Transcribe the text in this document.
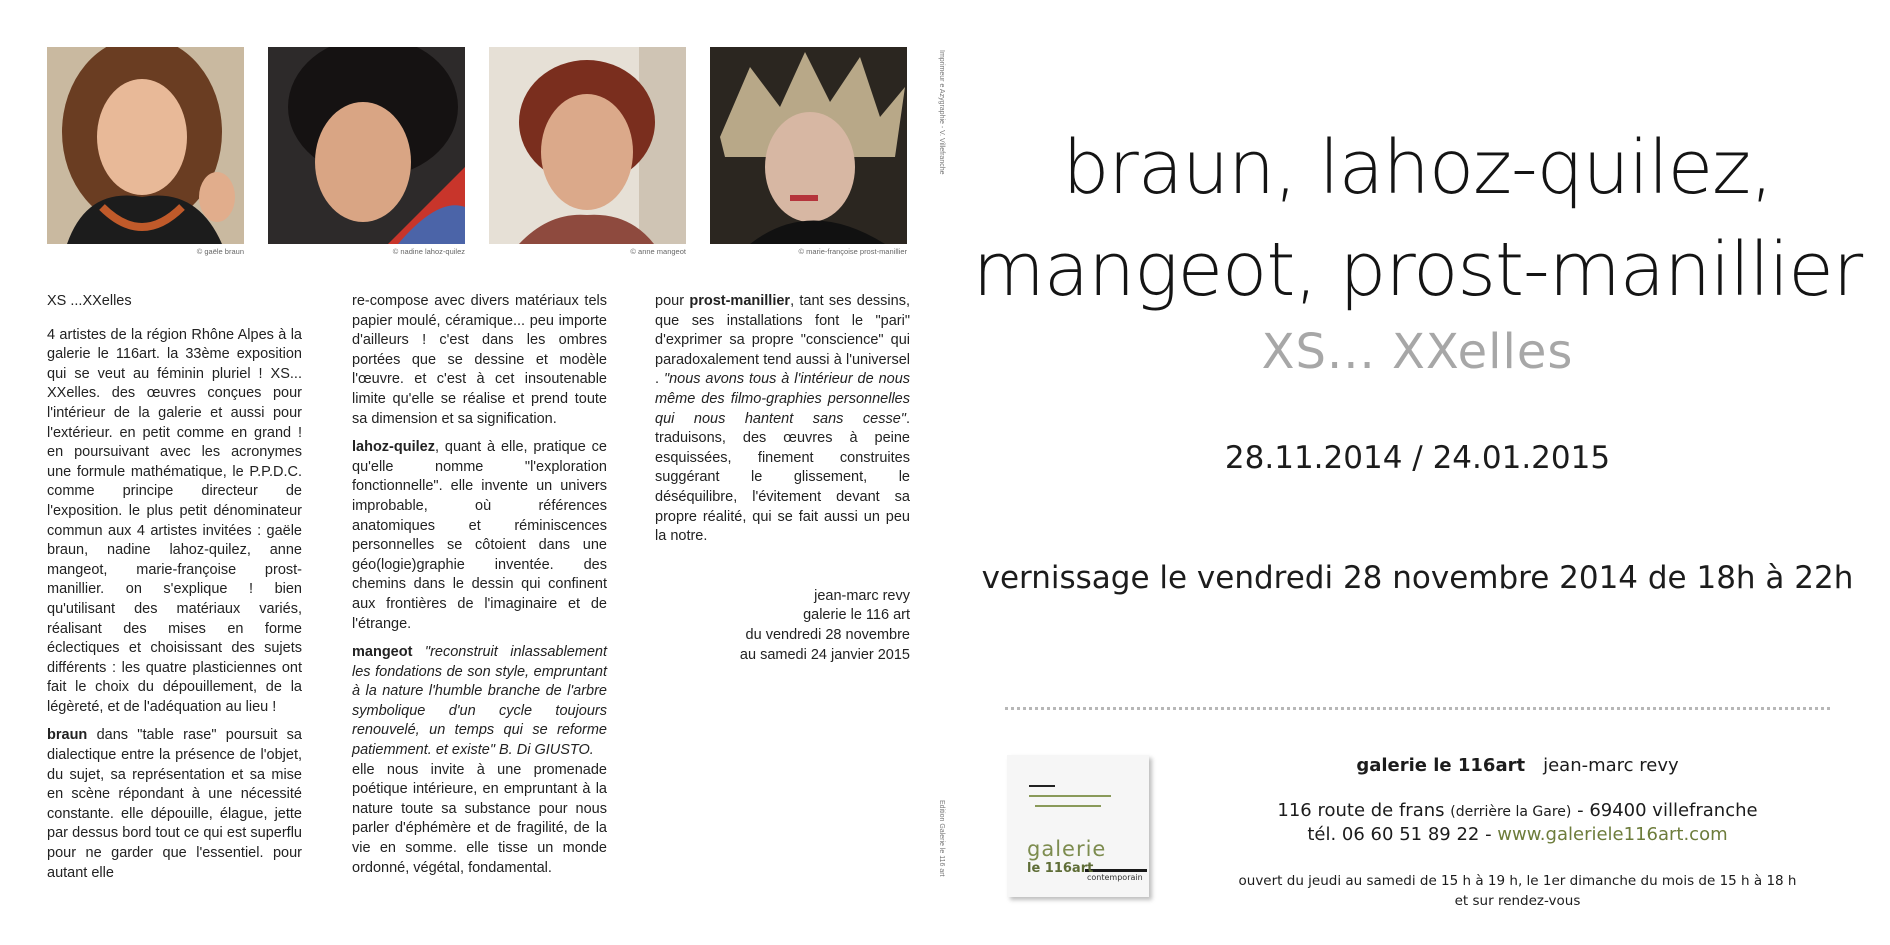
© gaële braun	© nadine lahoz-quilez	© anne mangeot	© marie-françoise prost-manillier
Imprimeur e Azygraphie - V. Villefranche
Edition Galerie le 116 art

XS ...XXelles

4 artistes de la région Rhône Alpes à la galerie le 116art. la 33ème exposition qui se veut au féminin pluriel ! XS... XXelles. des œuvres conçues pour l'intérieur de la galerie et aussi pour l'extérieur. en petit comme en grand ! en poursuivant avec les acronymes une formule mathématique, le P.P.D.C. comme principe directeur de l'exposition. le plus petit dénominateur commun aux 4 artistes invitées : gaële braun, nadine lahoz-quilez, anne mangeot, marie-françoise prost-manillier. on s'explique ! bien qu'utilisant des matériaux variés, réalisant des mises en forme éclectiques et choisissant des sujets différents : les quatre plasticiennes ont fait le choix du dépouillement, de la légèreté, et de l'adéquation au lieu !

braun dans "table rase" poursuit sa dialectique entre la présence de l'objet, du sujet, sa représentation et sa mise en scène répondant à une nécessité constante. elle dépouille, élague, jette par dessus bord tout ce qui est superflu pour ne garder que l'essentiel. pour autant elle

re-compose avec divers matériaux tels papier moulé, céramique... peu importe d'ailleurs ! c'est dans les ombres portées que se dessine et modèle l'œuvre. et c'est à cet insoutenable limite qu'elle se réalise et prend toute sa dimension et sa signification.

lahoz-quilez, quant à elle, pratique ce qu'elle nomme "l'exploration fonctionnelle". elle invente un univers improbable, où références anatomiques et réminiscences personnelles se côtoient dans une géo(logie)graphie inventée. des chemins dans le dessin qui confinent aux frontières de l'imaginaire et de l'étrange.

mangeot "reconstruit inlassablement les fondations de son style, empruntant à la nature l'humble branche de l'arbre symbolique d'un cycle toujours renouvelé, un temps qui se reforme patiemment. et existe" B. Di GIUSTO.

elle nous invite à une promenade poétique intérieure, en empruntant à la nature toute sa substance pour nous parler d'éphémère et de fragilité, de la vie en somme. elle tisse un monde ordonné, végétal, fondamental.

pour prost-manillier, tant ses dessins, que ses installations font le "pari" d'exprimer sa propre "conscience" qui paradoxalement tend aussi à l'universel . "nous avons tous à l'intérieur de nous même des filmo-graphies personnelles qui nous hantent sans cesse". traduisons, des œuvres à peine esquissées, finement construites suggérant le glissement, le déséquilibre, l'évitement devant sa propre réalité, qui se fait aussi un peu la notre.

jean-marc revy
galerie le 116 art
du vendredi 28 novembre
au samedi 24 janvier 2015
braun, lahoz-quilez,
mangeot, prost-manillier
XS... XXelles
28.11.2014 / 24.01.2015
vernissage le vendredi 28 novembre 2014 de 18h à 22h
galerie
le 116art
contemporain
galerie le 116art jean-marc revy
116 route de frans (derrière la Gare) - 69400 villefranche
tél. 06 60 51 89 22 - www.galeriele116art.com
ouvert du jeudi au samedi de 15 h à 19 h, le 1er dimanche du mois de 15 h à 18 h
et sur rendez-vous
